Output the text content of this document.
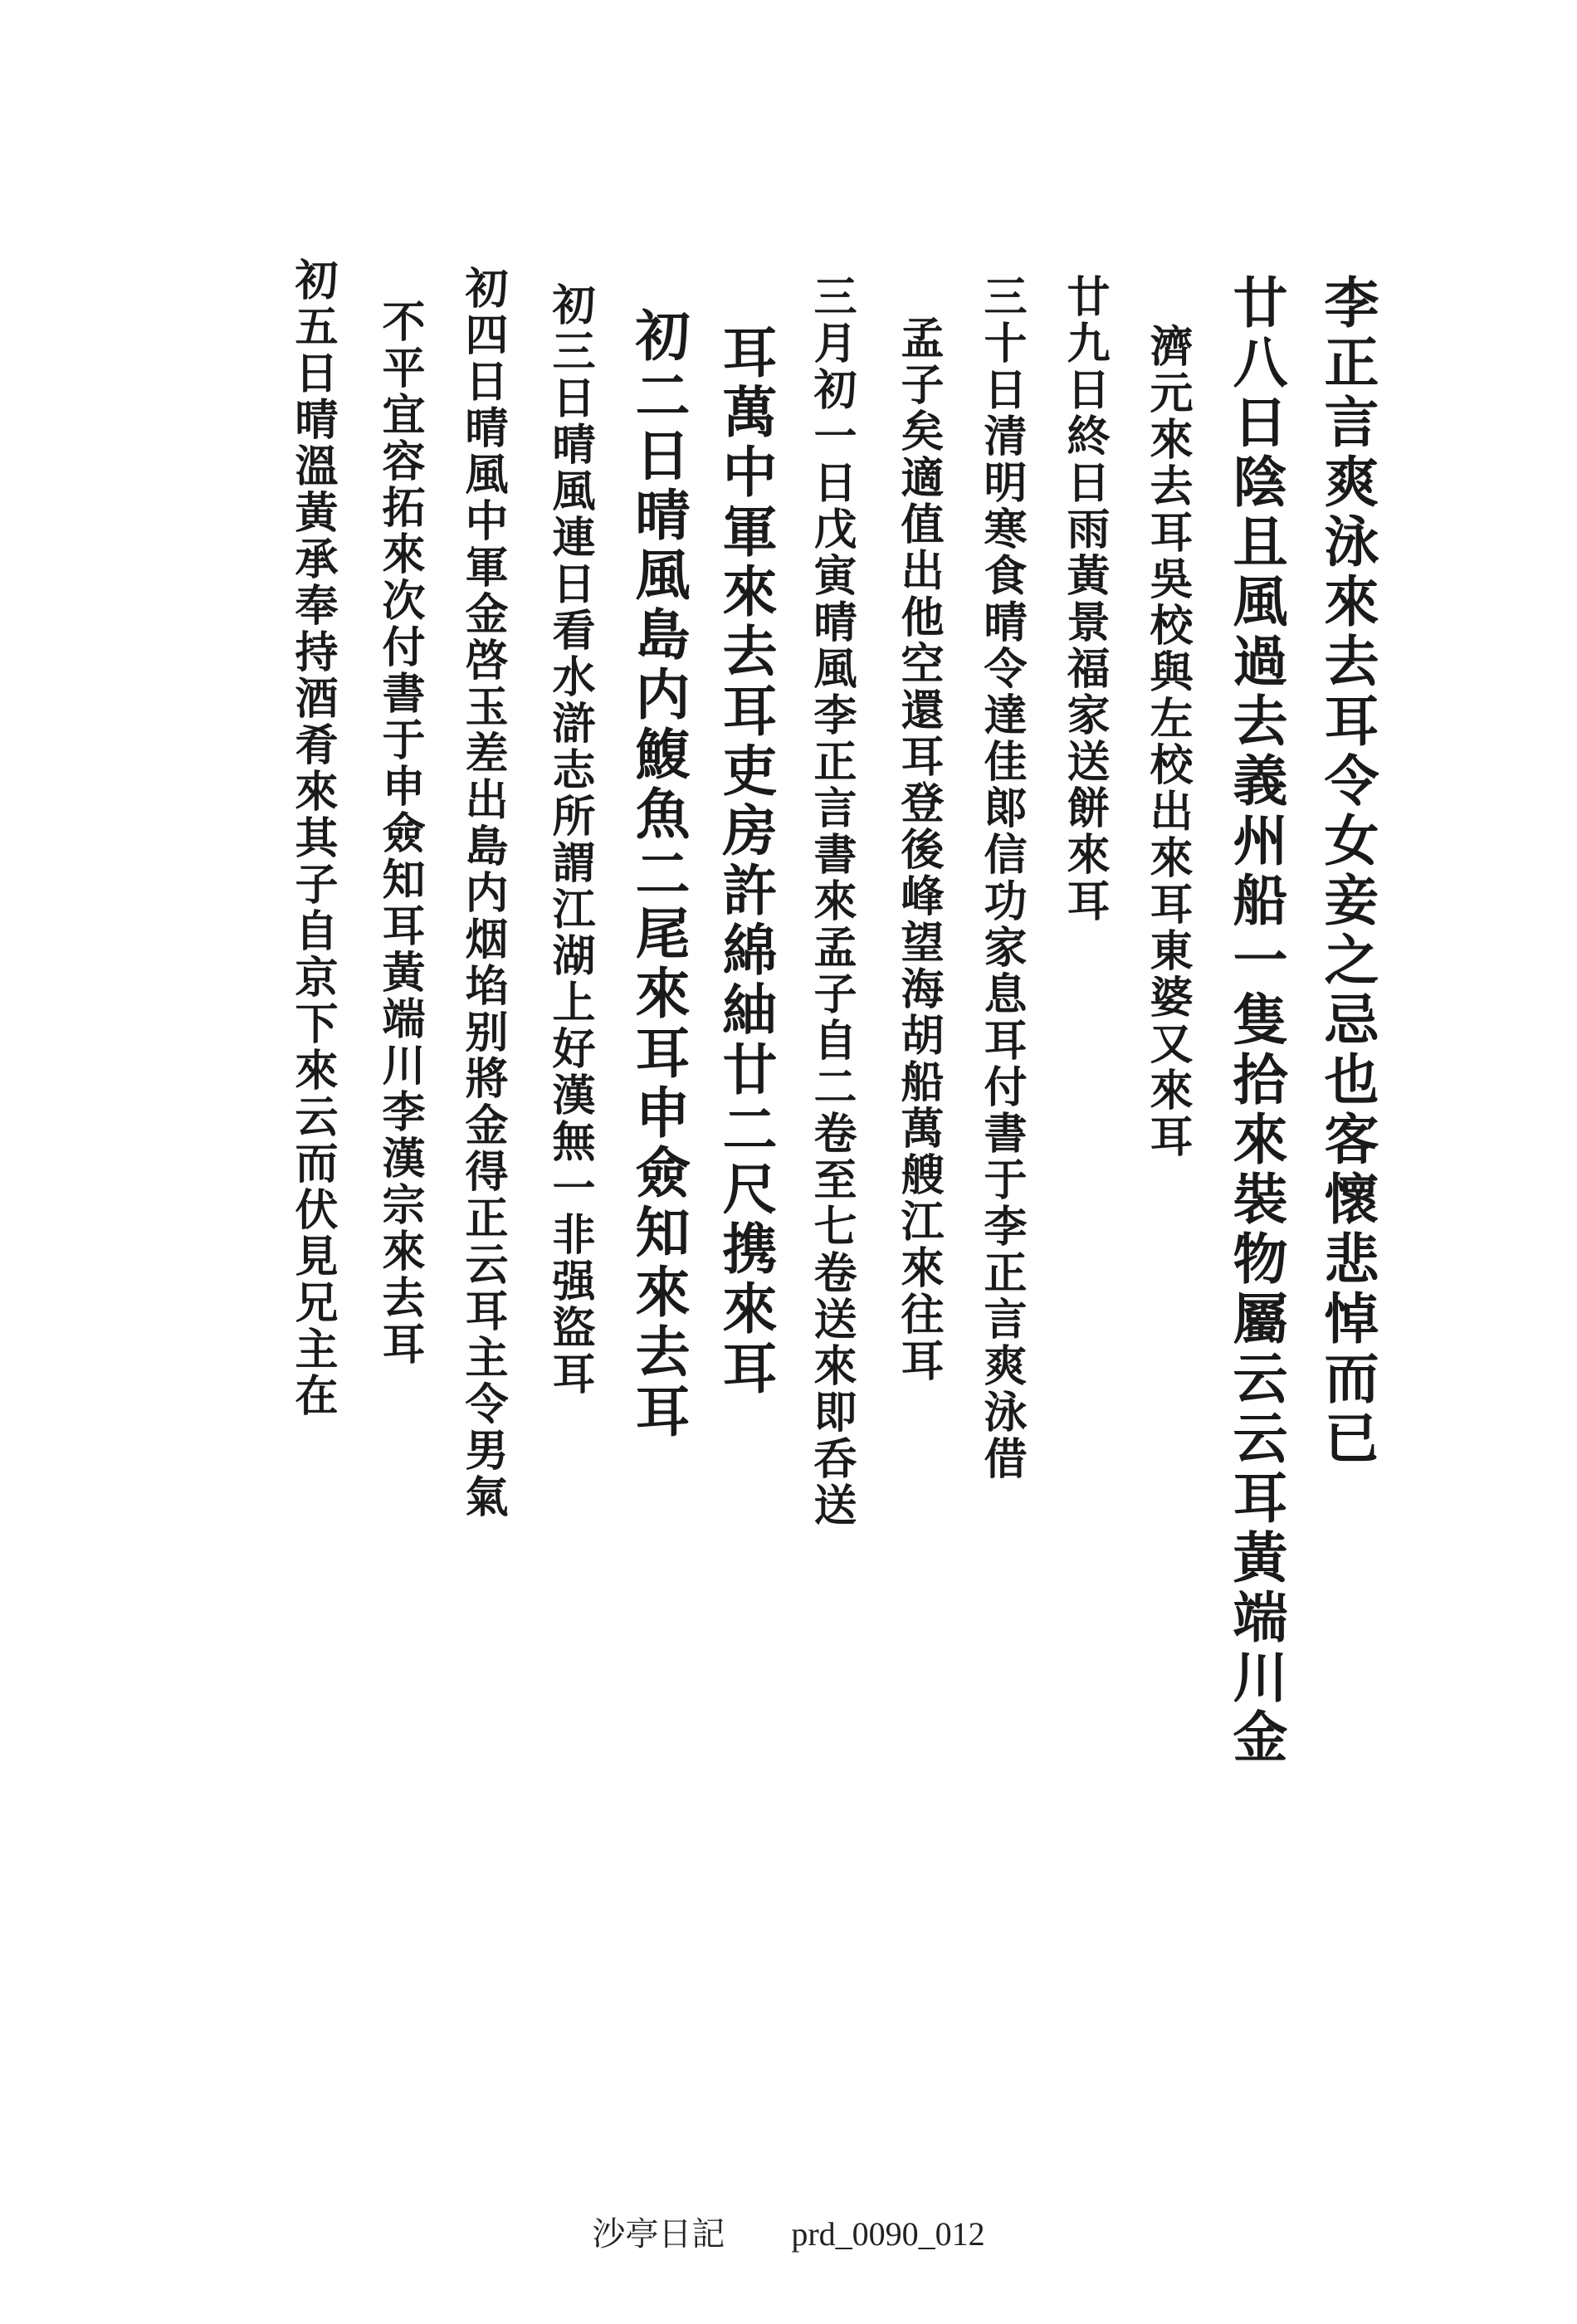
李正言爽泳來去耳令女妾之忌也客懷悲悼而已
廿八日陰且風過去義州船一隻拾來裝物屬云云耳黃端川金
濟元來去耳吳校與左校出來耳東婆又來耳
廿九日終日雨黃景福家送餅來耳
三十日清明寒食晴令達佳郞信功家息耳付書于李正言爽泳借
孟子矣適值出他空還耳登後峰望海胡船萬艘江來往耳
三月初一日戊寅晴風李正言書來孟子自二卷至七卷送來即呑送
耳萬中軍來去耳吏房許綿紬廿二尺携來耳
初二日晴風島内鰒魚二尾來耳申僉知來去耳
初三日晴風連日看水滸志所謂江湖上好漢無一非强盜耳
初四日晴風中軍金啓玉差出島内烟埳别將金得正云耳主令男氣
不平宜容拓來次付書于申僉知耳黃端川李漢宗來去耳
初五日晴溫黃承奉持酒肴來其子自京下來云而伏見兄主在
沙亭日記 prd_0090_012
